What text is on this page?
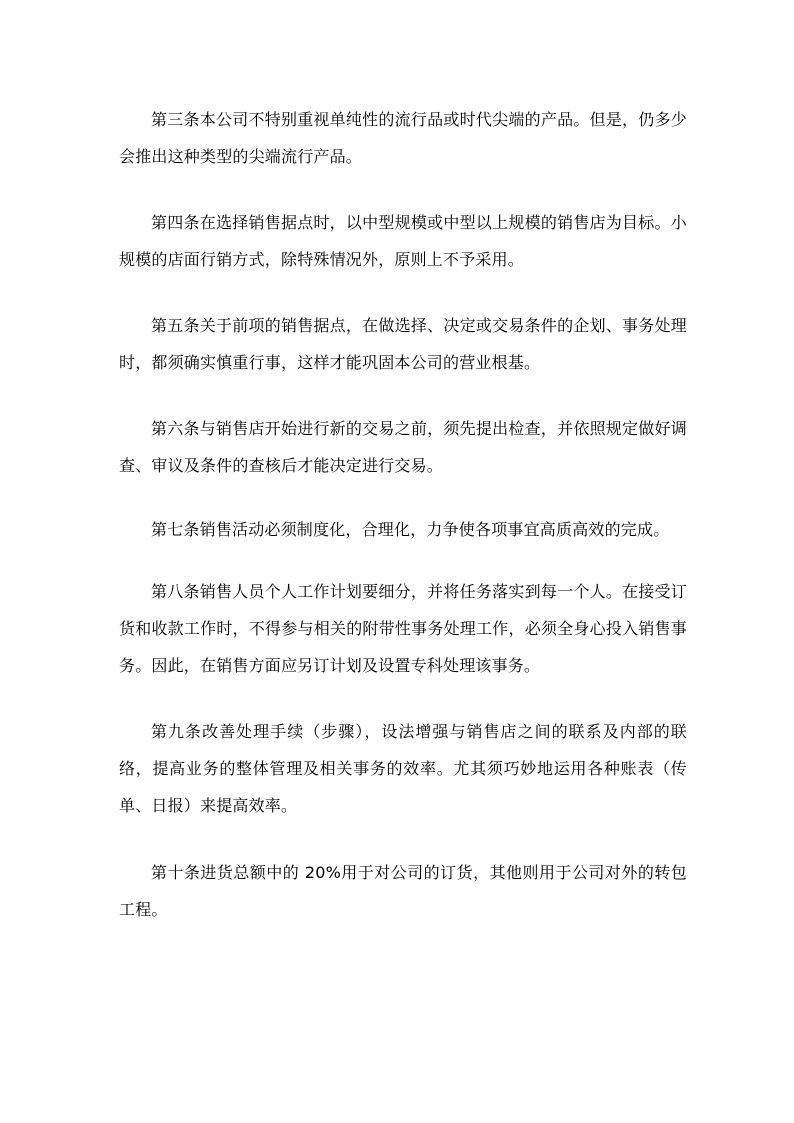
第三条本公司不特别重视单纯性的流行品或时代尖端的产品。但是，仍多少会推出这种类型的尖端流行产品。

第四条在选择销售据点时，以中型规模或中型以上规模的销售店为目标。小规模的店面行销方式，除特殊情况外，原则上不予采用。

第五条关于前项的销售据点，在做选择、决定或交易条件的企划、事务处理时，都须确实慎重行事，这样才能巩固本公司的营业根基。

第六条与销售店开始进行新的交易之前，须先提出检查，并依照规定做好调查、审议及条件的查核后才能决定进行交易。

第七条销售活动必须制度化，合理化，力争使各项事宜高质高效的完成。

第八条销售人员个人工作计划要细分，并将任务落实到每一个人。在接受订货和收款工作时，不得参与相关的附带性事务处理工作，必须全身心投入销售事务。因此，在销售方面应另订计划及设置专科处理该事务。

第九条改善处理手续（步骤），设法增强与销售店之间的联系及内部的联络，提高业务的整体管理及相关事务的效率。尤其须巧妙地运用各种账表（传单、日报）来提高效率。

第十条进货总额中的 20%用于对公司的订货，其他则用于公司对外的转包工程。
